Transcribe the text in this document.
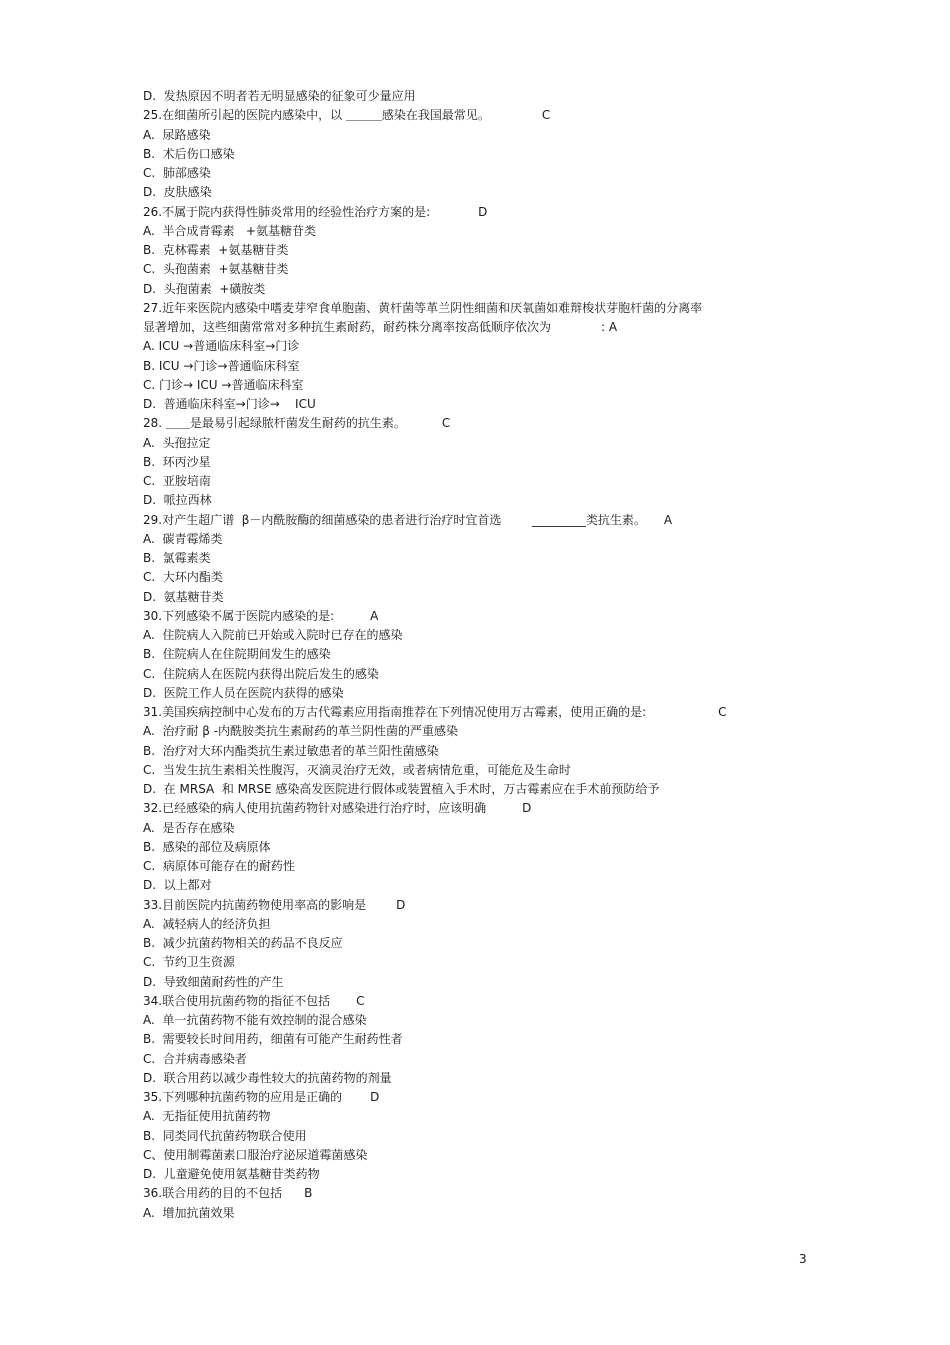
D.  发热原因不明者若无明显感染的征象可少量应用
25.在细菌所引起的医院内感染中，以 ＿＿＿感染在我国最常见。	C
A.  尿路感染
B.  术后伤口感染
C.  肺部感染
D.  皮肤感染
26.不属于院内获得性肺炎常用的经验性治疗方案的是:	D
A.  半合成青霉素   +氨基糖苷类
B.  克林霉素  +氨基糖苷类
C.  头孢菌素  +氨基糖苷类
D.  头孢菌素  +磺胺类
27.近年来医院内感染中嗜麦芽窄食单胞菌、黄杆菌等革兰阴性细菌和厌氧菌如难辩梭状芽胞杆菌的分离率
显著增加，这些细菌常常对多种抗生素耐药，耐药株分离率按高低顺序依次为	: A
A. ICU →普通临床科室→门诊
B. ICU →门诊→普通临床科室
C. 门诊→ ICU →普通临床科室
D.  普通临床科室→门诊→    ICU
28. ＿＿是最易引起绿脓杆菌发生耐药的抗生素。	C
A.  头孢拉定
B.  环丙沙星
C.  亚胺培南
D.  哌拉西林
29.对产生超广谱  β－内酰胺酶的细菌感染的患者进行治疗时宜首选        _________类抗生素。 A
A.  碳青霉烯类
B.  氯霉素类
C.  大环内酯类
D.  氨基糖苷类
30.下列感染不属于医院内感染的是:	A
A.  住院病人入院前已开始或入院时已存在的感染
B.  住院病人在住院期间发生的感染
C.  住院病人在医院内获得出院后发生的感染
D.  医院工作人员在医院内获得的感染
31.美国疾病控制中心发布的万古代霉素应用指南推荐在下列情况使用万古霉素，使用正确的是:	C
A.  治疗耐 β -内酰胺类抗生素耐药的革兰阴性菌的严重感染
B.  治疗对大环内酯类抗生素过敏患者的革兰阳性菌感染
C.  当发生抗生素相关性腹泻，灭滴灵治疗无效，或者病情危重，可能危及生命时
D.  在 MRSA  和 MRSE 感染高发医院进行假体或装置植入手术时，万古霉素应在手术前预防给予
32.已经感染的病人使用抗菌药物针对感染进行治疗时，应该明确	D
A.  是否存在感染
B.  感染的部位及病原体
C.  病原体可能存在的耐药性
D.  以上都对
33.目前医院内抗菌药物使用率高的影响是	D
A.  减轻病人的经济负担
B.  减少抗菌药物相关的药品不良反应
C.  节约卫生资源
D.  导致细菌耐药性的产生
34.联合使用抗菌药物的指征不包括 C
A.  单一抗菌药物不能有效控制的混合感染
B.  需要较长时间用药，细菌有可能产生耐药性者
C.  合并病毒感染者
D.  联合用药以减少毒性较大的抗菌药物的剂量
35.下列哪种抗菌药物的应用是正确的 D
A.  无指征使用抗菌药物
B.  同类同代抗菌药物联合使用
C、使用制霉菌素口服治疗泌尿道霉菌感染
D.  儿童避免使用氨基糖苷类药物
36.联合用药的目的不包括 B
A.  增加抗菌效果
3
